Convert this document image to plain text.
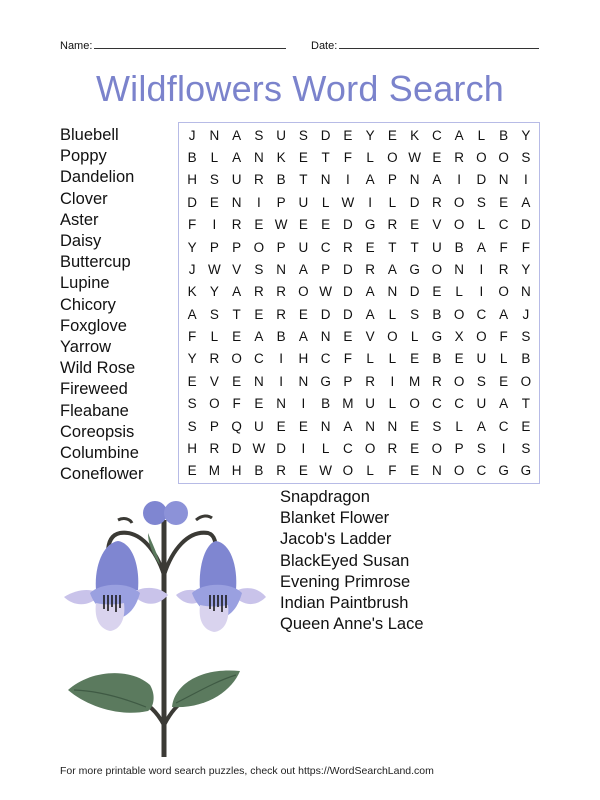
Name:	Date:
Wildflowers Word Search
Bluebell
Poppy
Dandelion
Clover
Aster
Daisy
Buttercup
Lupine
Chicory
Foxglove
Yarrow
Wild Rose
Fireweed
Fleabane
Coreopsis
Columbine
Coneflower
J	N A S U S D E Y E K C A	L	B Y
B	L	A N K E	T	F	L O W E R O O S
H S U R B	T N	I	A P N A	I	D N	I
D E N	I	P U	L W	I	L	D R O S E A
F	I	R E W E E D G R E V O L	C D
Y P P O P U C R E	T	T U B A	F	F
J W V S N A P D R A G O N	I	R Y
K Y A R R O W D A N D E	L	I	O N
A S	T	E R E D D A	L	S B O C A	J
F	L	E A B A N E V O L G X O F	S
Y R O C	I	H C F	L	L	E B E U	L	B
E V E N	I	N G P R	I	M R O S E O
S O F	E N	I	B M U	L O C C U A	T
S P Q U E E N A N N E S	L	A C E
H R D W D	I	L	C O R E O P S	I	S
E M H B R E W O L	F	E N O C G G
Snapdragon
Blanket Flower
Jacob's Ladder
BlackEyed Susan
Evening Primrose
Indian Paintbrush
Queen Anne's Lace
For more printable word search puzzles, check out https://WordSearchLand.com
